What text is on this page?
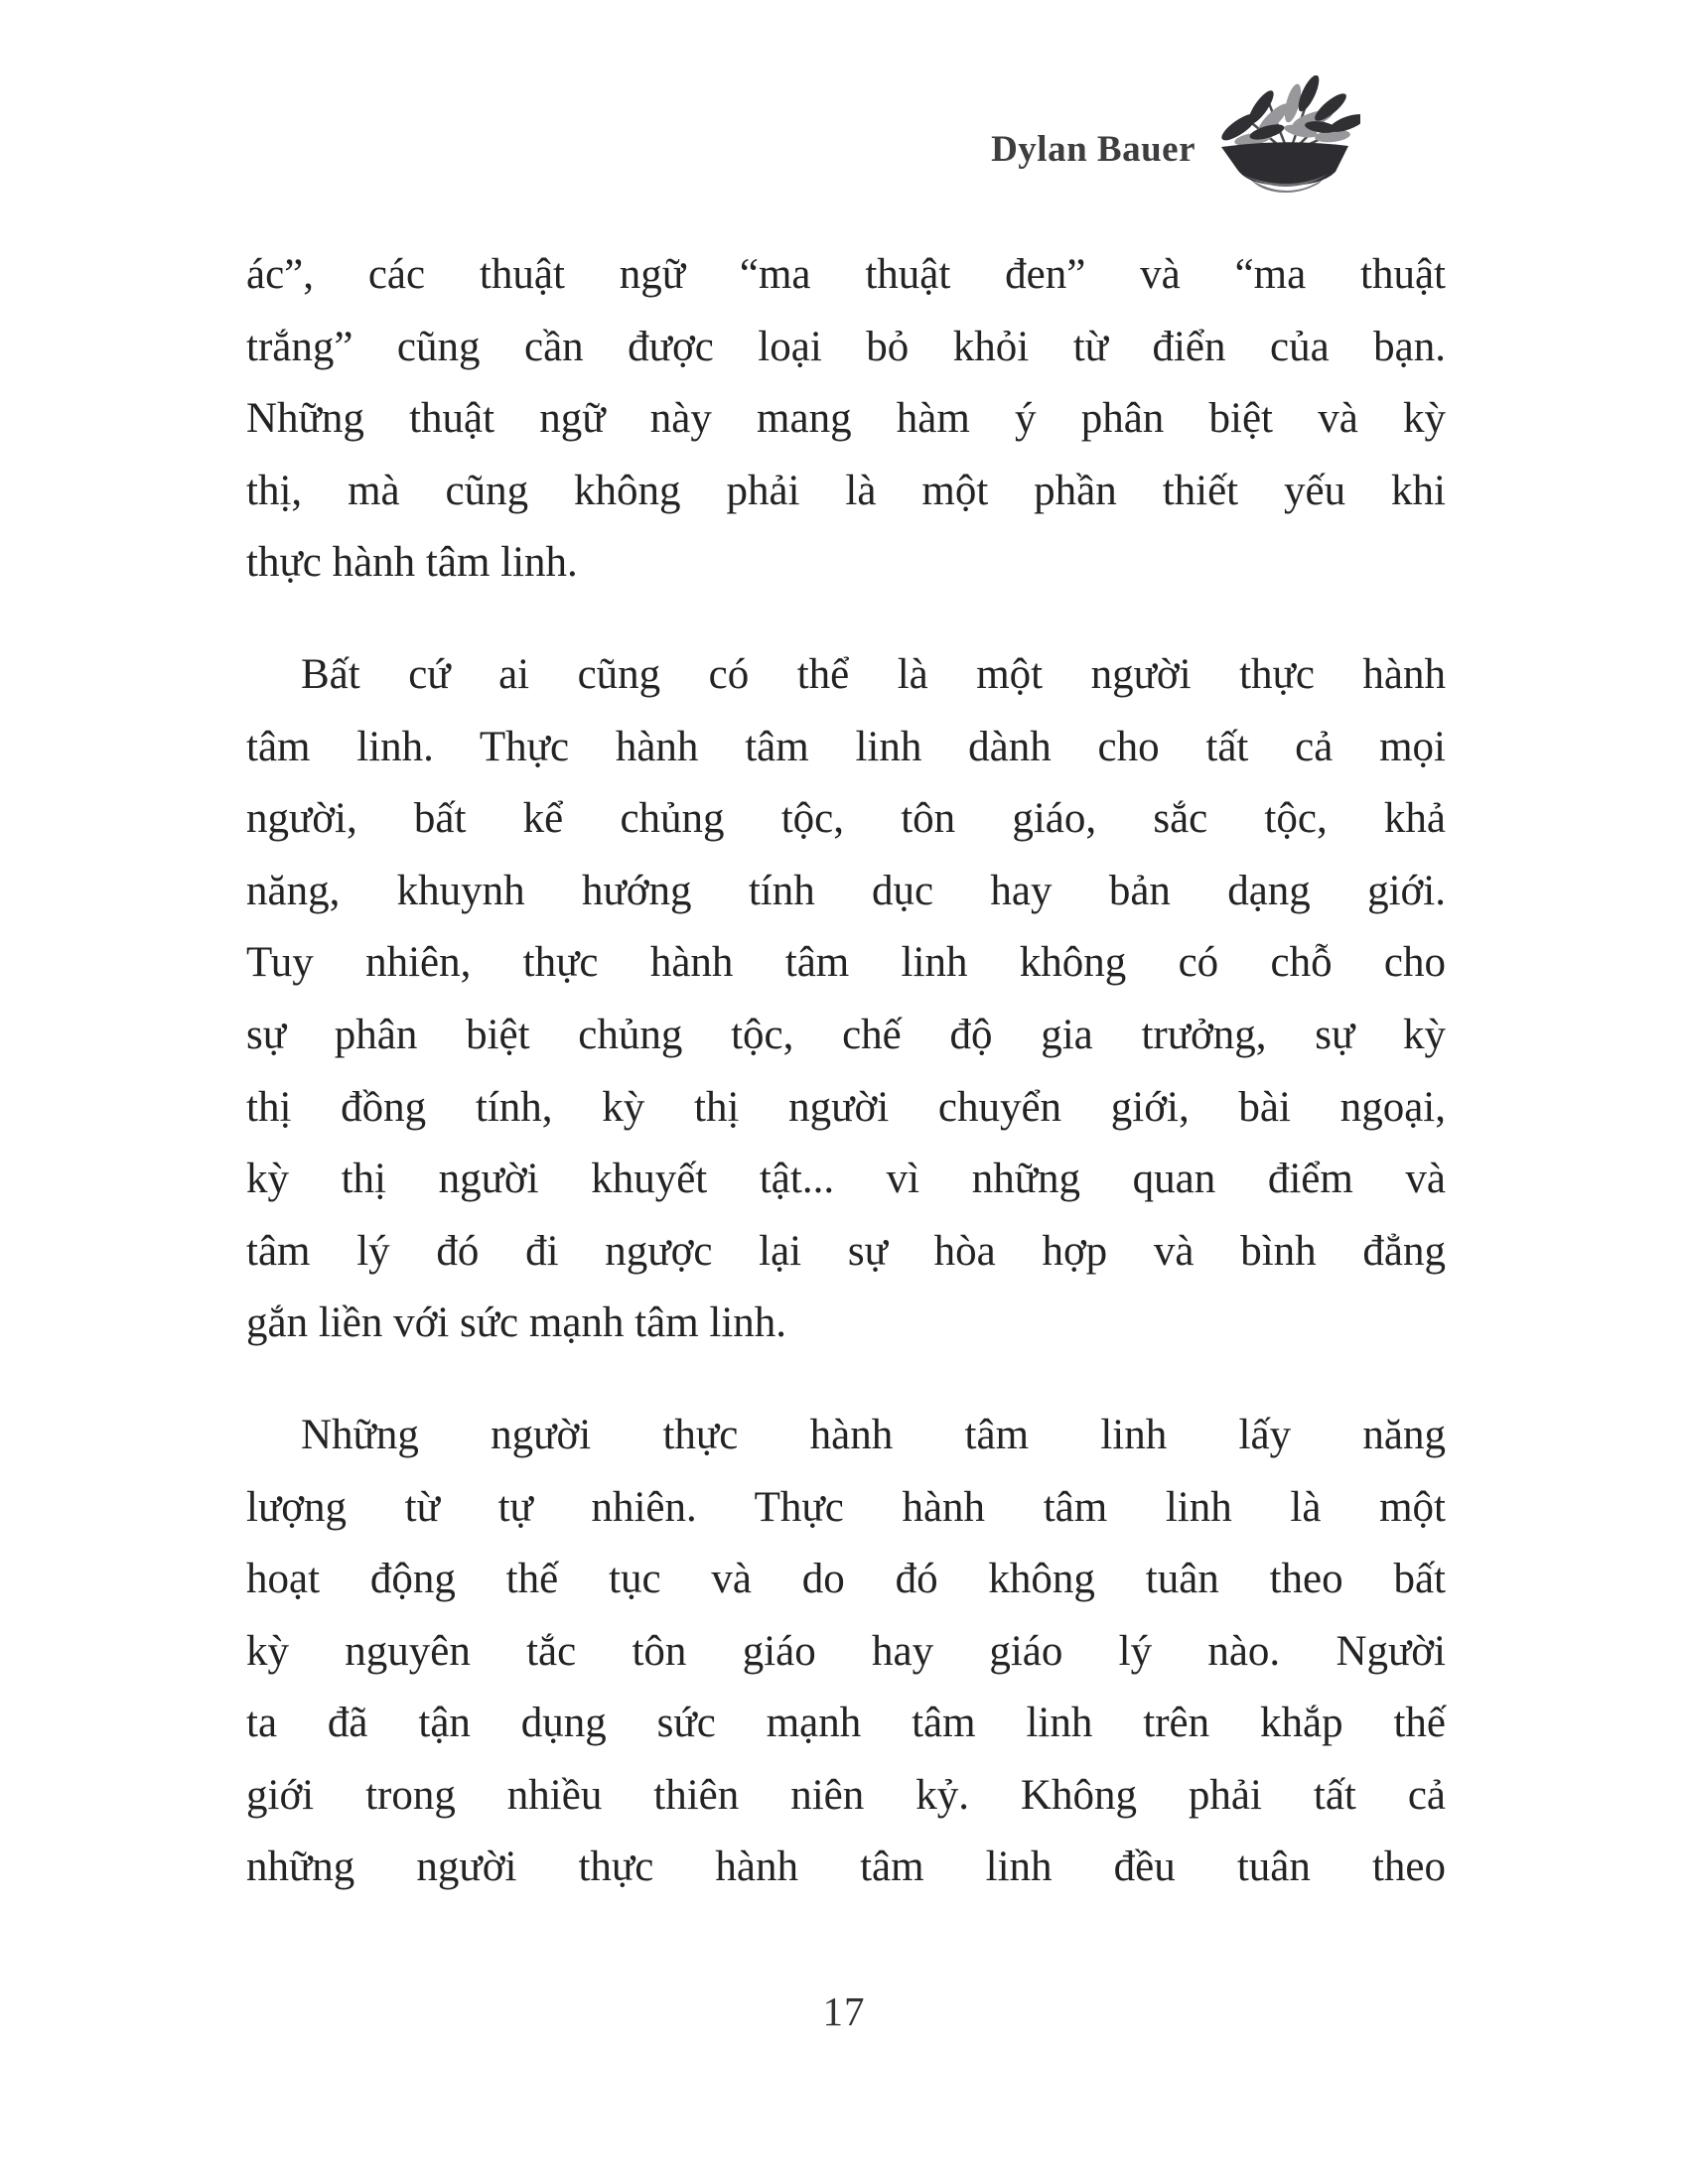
Dylan Bauer
ác”, các thuật ngữ “ma thuật đen” và “ma thuật
trắng” cũng cần được loại bỏ khỏi từ điển của bạn.
Những thuật ngữ này mang hàm ý phân biệt và kỳ
thị, mà cũng không phải là một phần thiết yếu khi
thực hành tâm linh.
Bất cứ ai cũng có thể là một người thực hành
tâm linh. Thực hành tâm linh dành cho tất cả mọi
người, bất kể chủng tộc, tôn giáo, sắc tộc, khả
năng, khuynh hướng tính dục hay bản dạng giới.
Tuy nhiên, thực hành tâm linh không có chỗ cho
sự phân biệt chủng tộc, chế độ gia trưởng, sự kỳ
thị đồng tính, kỳ thị người chuyển giới, bài ngoại,
kỳ thị người khuyết tật... vì những quan điểm và
tâm lý đó đi ngược lại sự hòa hợp và bình đẳng
gắn liền với sức mạnh tâm linh.
Những người thực hành tâm linh lấy năng
lượng từ tự nhiên. Thực hành tâm linh là một
hoạt động thế tục và do đó không tuân theo bất
kỳ nguyên tắc tôn giáo hay giáo lý nào. Người
ta đã tận dụng sức mạnh tâm linh trên khắp thế
giới trong nhiều thiên niên kỷ. Không phải tất cả
những người thực hành tâm linh đều tuân theo
17
